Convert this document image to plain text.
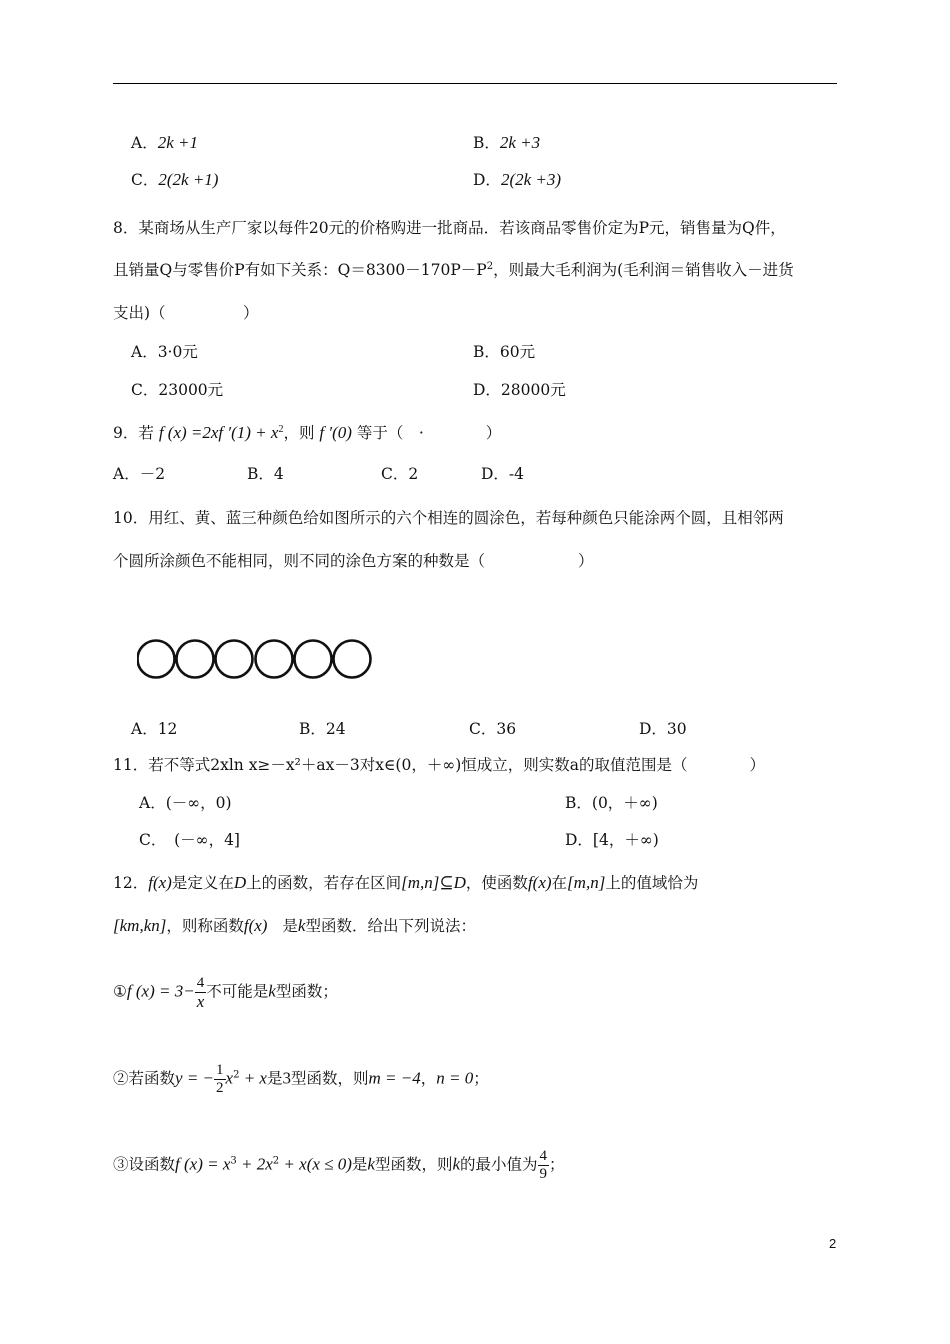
A．2k +1	B．2k +3
C．2(2k +1)	D．2(2k +3)
8．某商场从生产厂家以每件20元的价格购进一批商品．若该商品零售价定为P元，销售量为Q件，
且销量Q与零售价P有如下关系：$Q=8300-170P-P^2$，则最大毛利润为(毛利润＝销售收入－进货
支出)（　　　　　）
A．3·0元	B．60元
C．23000元	D．28000元
9．若 f (x) =2xf $'(1) + x^2$，则 f ′(0) 等于（　·　　　　）
A．－2	B．4	C．2	D．-4
10．用红、黄、蓝三种颜色给如图所示的六个相连的圆涂色，若每种颜色只能涂两个圆，且相邻两
个圆所涂颜色不能相同，则不同的涂色方案的种数是（　　　　　　）
A．12	B．24	C．36	D．30
11．若不等式2xln x≥－x²＋ax－3对x∈(0，＋∞)恒成立，则实数a的取值范围是（　　　　）
A．(－∞，0)	B．(0，＋∞)
C．　(－∞，4]	D．[4，＋∞)
12．f(x)是定义在D上的函数，若存在区间[m,n]⊆D，使函数f(x)在[m,n]上的值域恰为
[km,kn]，则称函数f(x) 是k型函数．给出下列说法：
①f $(x) = 3- \frac{4}{x}$ 不可能是k型函数；
②若函数y = − $\frac{1}{2} x^2 + x$是3型函数，则m = −4，n = 0；
③设函数f $(x) = x^3 + 2x^2 + x(x \le 0)$是k型函数，则k的最小值为 $\frac{4}{9}$ ；
2
